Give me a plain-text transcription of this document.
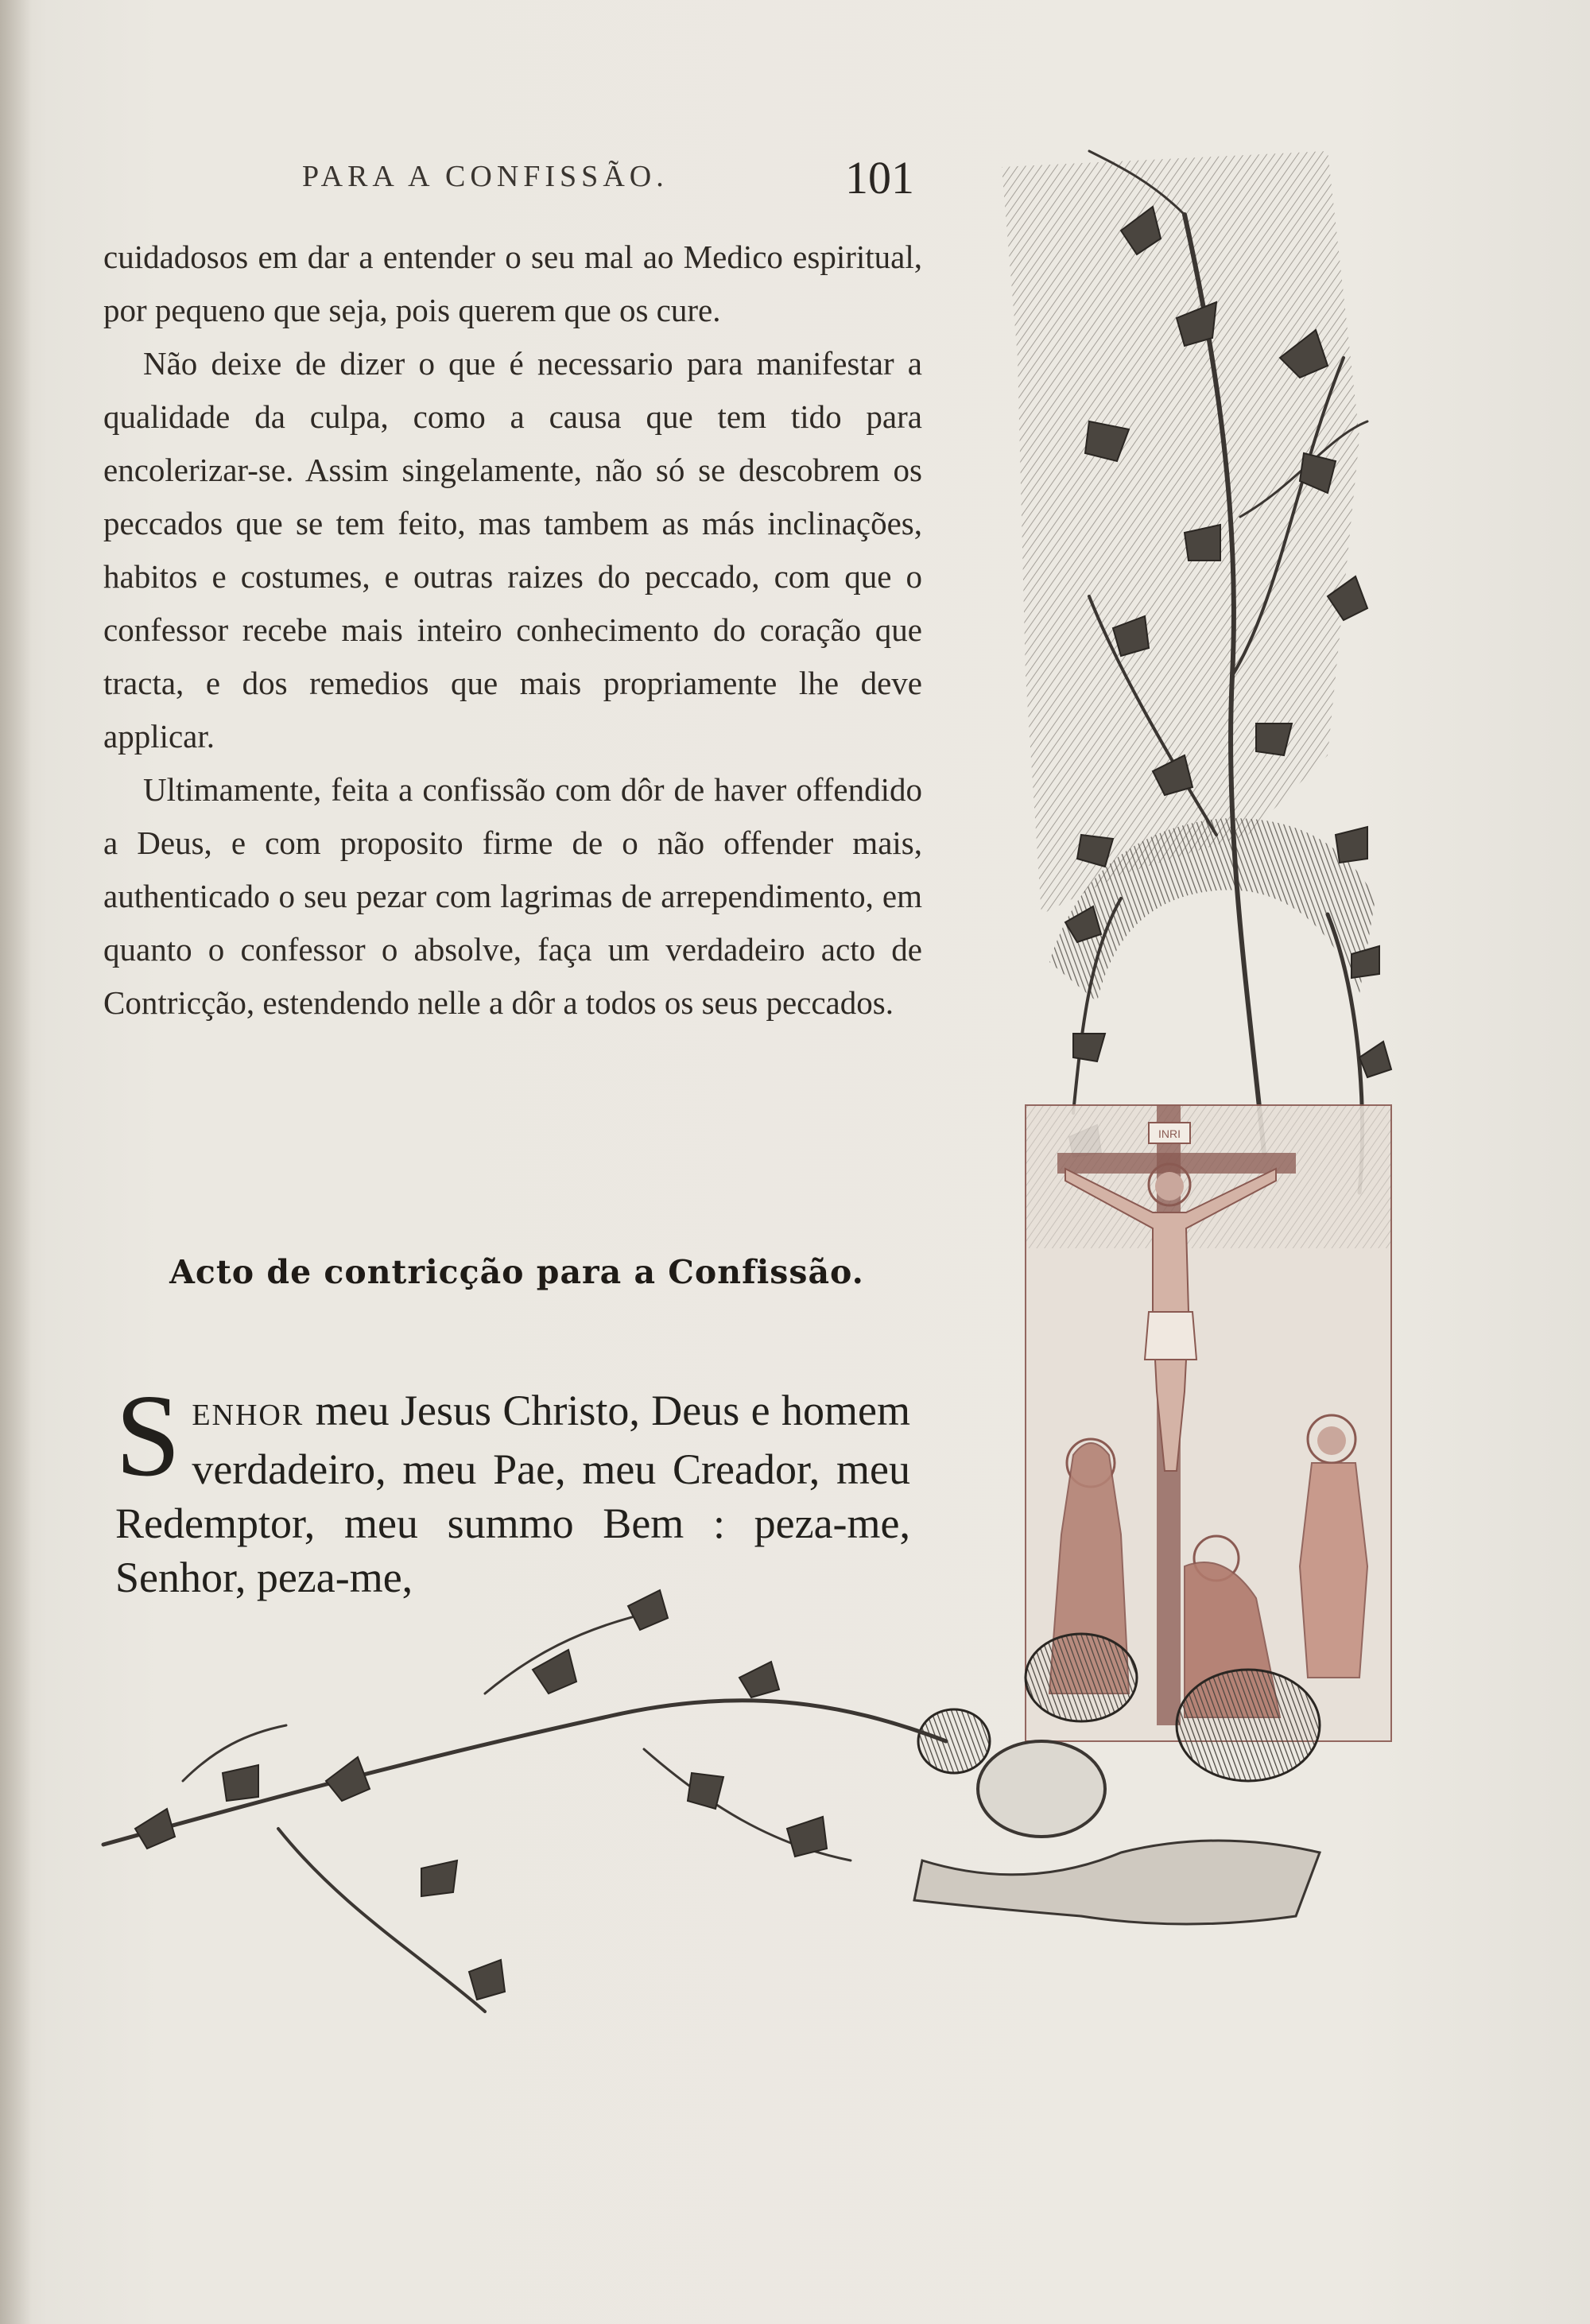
INRI
PARA A CONFISSÃO.	101

cuidadosos em dar a entender o seu mal ao Medico espiritual, por pequeno que seja, pois querem que os cure.

Não deixe de dizer o que é necessario para manifestar a qualidade da culpa, como a causa que tem tido para encolerizar-se. Assim singelamente, não só se descobrem os peccados que se tem feito, mas tambem as más inclinações, habitos e costumes, e outras raizes do peccado, com que o confessor recebe mais inteiro conhecimento do coração que tracta, e dos remedios que mais propriamente lhe deve applicar.

Ultimamente, feita a confissão com dôr de haver offendido a Deus, e com proposito firme de o não offender mais, authenticado o seu pezar com lagrimas de arrependimento, em quanto o confessor o absolve, faça um verdadeiro acto de Contricção, estendendo nelle a dôr a todos os seus peccados.

Acto de contricção para a Confissão.
SENHOR meu Jesus Christo, Deus e homem verdadeiro, meu Pae, meu Creador, meu Redemptor, meu summo Bem : peza-me, Senhor, peza-me,
